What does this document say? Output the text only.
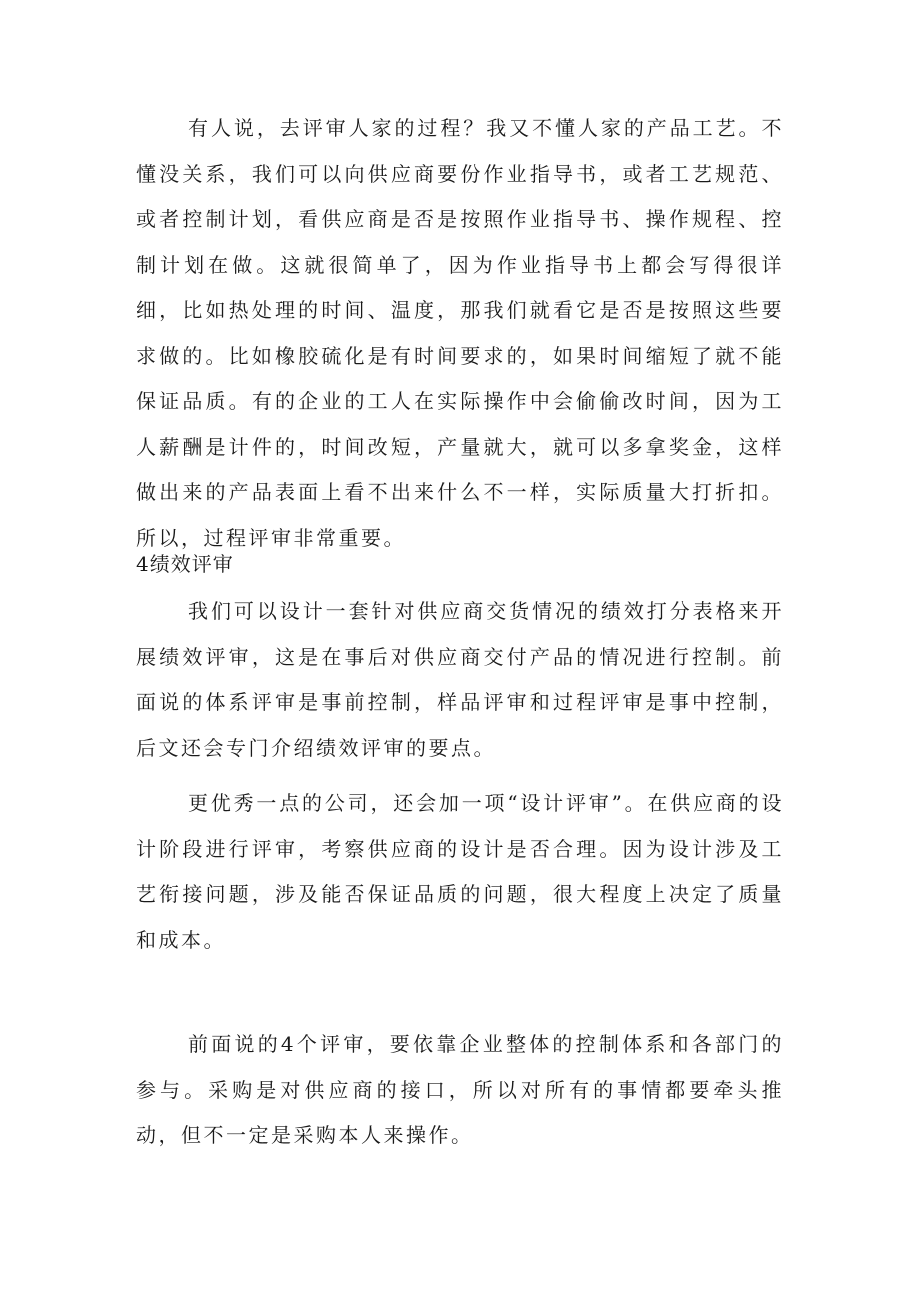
有人说，去评审人家的过程？我又不懂人家的产品工艺。不懂没关系，我们可以向供应商要份作业指导书，或者工艺规范、或者控制计划，看供应商是否是按照作业指导书、操作规程、控制计划在做。这就很简单了，因为作业指导书上都会写得很详细，比如热处理的时间、温度，那我们就看它是否是按照这些要求做的。比如橡胶硫化是有时间要求的，如果时间缩短了就不能保证品质。有的企业的工人在实际操作中会偷偷改时间，因为工人薪酬是计件的，时间改短，产量就大，就可以多拿奖金，这样做出来的产品表面上看不出来什么不一样，实际质量大打折扣。所以，过程评审非常重要。

4绩效评审

我们可以设计一套针对供应商交货情况的绩效打分表格来开展绩效评审，这是在事后对供应商交付产品的情况进行控制。前面说的体系评审是事前控制，样品评审和过程评审是事中控制，后文还会专门介绍绩效评审的要点。

更优秀一点的公司，还会加一项“设计评审”。在供应商的设计阶段进行评审，考察供应商的设计是否合理。因为设计涉及工艺衔接问题，涉及能否保证品质的问题，很大程度上决定了质量和成本。

前面说的4个评审，要依靠企业整体的控制体系和各部门的参与。采购是对供应商的接口，所以对所有的事情都要牵头推动，但不一定是采购本人来操作。
